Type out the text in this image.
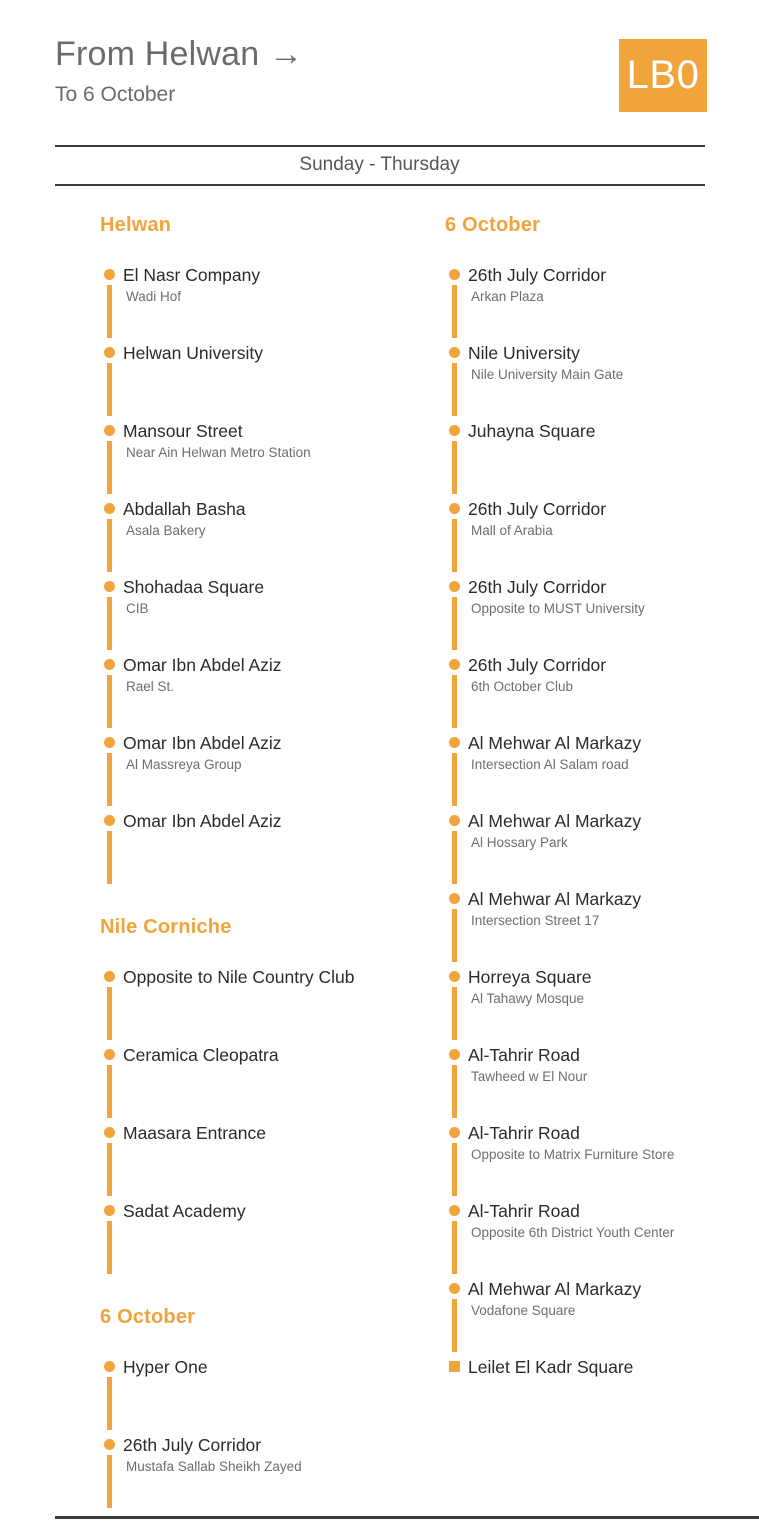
From Helwan →
To 6 October	LB0
Sunday - Thursday
Helwan
El Nasr Company
Wadi Hof
Helwan University
Mansour Street
Near Ain Helwan Metro Station
Abdallah Basha
Asala Bakery
Shohadaa Square
CIB
Omar Ibn Abdel Aziz
Rael St.
Omar Ibn Abdel Aziz
Al Massreya Group
Omar Ibn Abdel Aziz
Nile Corniche
Opposite to Nile Country Club
Ceramica Cleopatra
Maasara Entrance
Sadat Academy
6 October
Hyper One
26th July Corridor
Mustafa Sallab Sheikh Zayed
6 October
26th July Corridor
Arkan Plaza
Nile University
Nile University Main Gate
Juhayna Square
26th July Corridor
Mall of Arabia
26th July Corridor
Opposite to MUST University
26th July Corridor
6th October Club
Al Mehwar Al Markazy
Intersection Al Salam road
Al Mehwar Al Markazy
Al Hossary Park
Al Mehwar Al Markazy
Intersection Street 17
Horreya Square
Al Tahawy Mosque
Al-Tahrir Road
Tawheed w El Nour
Al-Tahrir Road
Opposite to Matrix Furniture Store
Al-Tahrir Road
Opposite 6th District Youth Center
Al Mehwar Al Markazy
Vodafone Square
Leilet El Kadr Square
